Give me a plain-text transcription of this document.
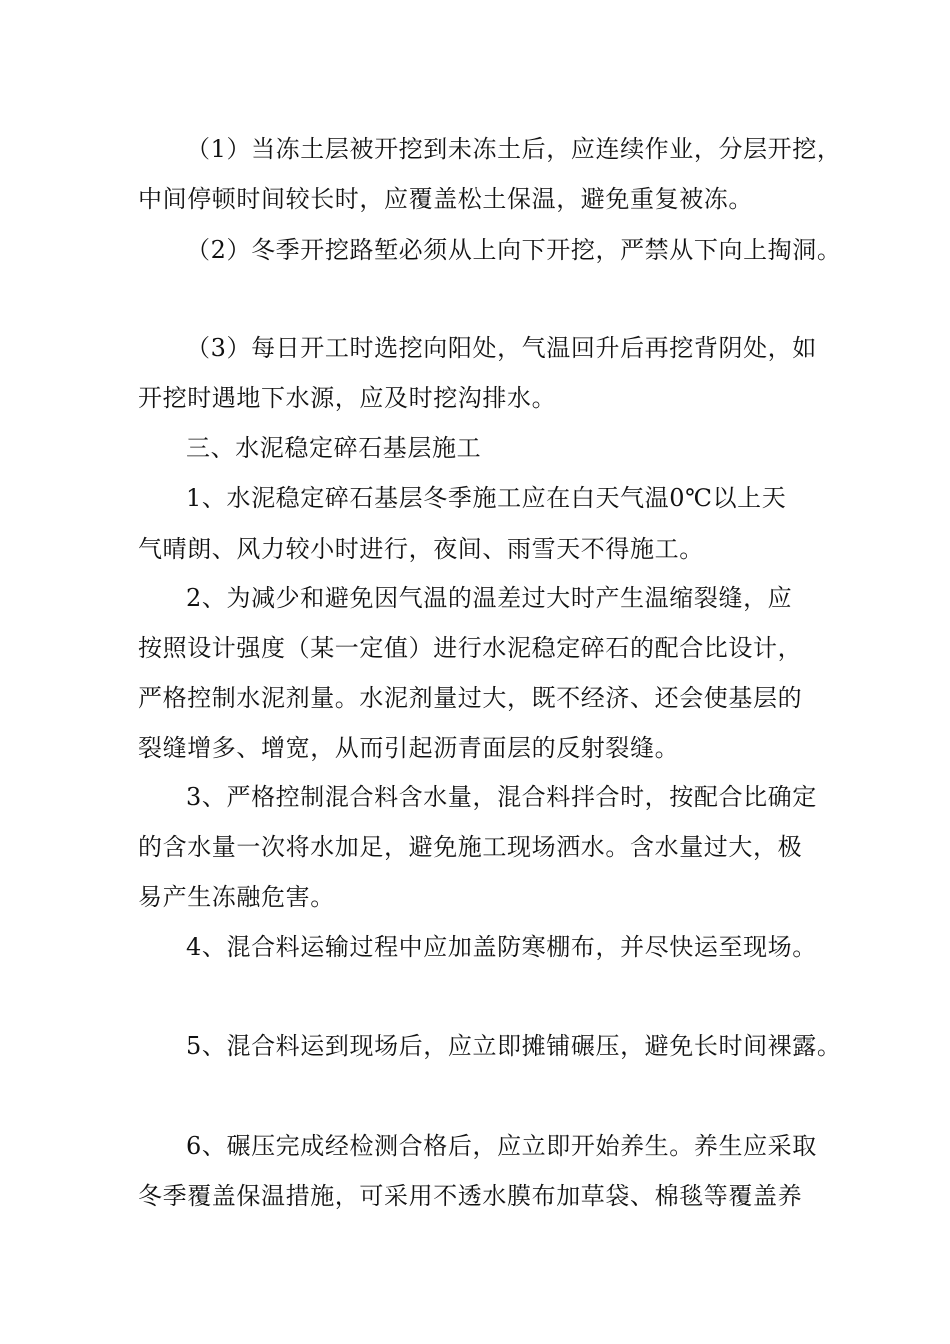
（1）当冻土层被开挖到未冻土后，应连续作业，分层开挖，
中间停顿时间较长时，应覆盖松土保温，避免重复被冻。
（2）冬季开挖路堑必须从上向下开挖，严禁从下向上掏洞。
（3）每日开工时选挖向阳处，气温回升后再挖背阴处，如
开挖时遇地下水源，应及时挖沟排水。
三、水泥稳定碎石基层施工
1、水泥稳定碎石基层冬季施工应在白天气温0℃以上天
气晴朗、风力较小时进行，夜间、雨雪天不得施工。
2、为减少和避免因气温的温差过大时产生温缩裂缝，应
按照设计强度（某一定值）进行水泥稳定碎石的配合比设计，
严格控制水泥剂量。水泥剂量过大，既不经济、还会使基层的
裂缝增多、增宽，从而引起沥青面层的反射裂缝。
3、严格控制混合料含水量，混合料拌合时，按配合比确定
的含水量一次将水加足，避免施工现场洒水。含水量过大，极
易产生冻融危害。
4、混合料运输过程中应加盖防寒棚布，并尽快运至现场。
5、混合料运到现场后，应立即摊铺碾压，避免长时间裸露。
6、碾压完成经检测合格后，应立即开始养生。养生应采取
冬季覆盖保温措施，可采用不透水膜布加草袋、棉毯等覆盖养
